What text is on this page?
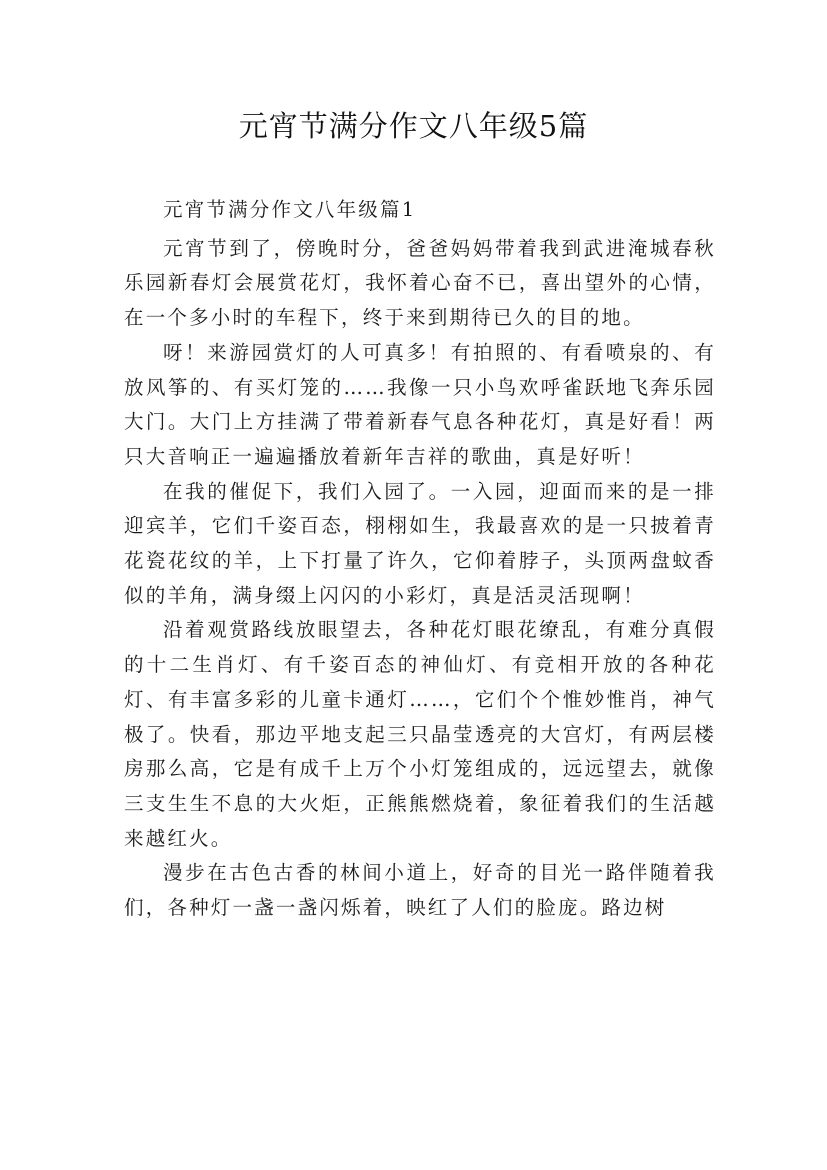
元宵节满分作文八年级5篇

元宵节满分作文八年级篇1

元宵节到了，傍晚时分，爸爸妈妈带着我到武进淹城春秋乐园新春灯会展赏花灯，我怀着心奋不已，喜出望外的心情，在一个多小时的车程下，终于来到期待已久的目的地。

呀！来游园赏灯的人可真多！有拍照的、有看喷泉的、有放风筝的、有买灯笼的……我像一只小鸟欢呼雀跃地飞奔乐园大门。大门上方挂满了带着新春气息各种花灯，真是好看！两只大音响正一遍遍播放着新年吉祥的歌曲，真是好听！

在我的催促下，我们入园了。一入园，迎面而来的是一排迎宾羊，它们千姿百态，栩栩如生，我最喜欢的是一只披着青花瓷花纹的羊，上下打量了许久，它仰着脖子，头顶两盘蚊香似的羊角，满身缀上闪闪的小彩灯，真是活灵活现啊！

沿着观赏路线放眼望去，各种花灯眼花缭乱，有难分真假的十二生肖灯、有千姿百态的神仙灯、有竞相开放的各种花灯、有丰富多彩的儿童卡通灯……，它们个个惟妙惟肖，神气极了。快看，那边平地支起三只晶莹透亮的大宫灯，有两层楼房那么高，它是有成千上万个小灯笼组成的，远远望去，就像三支生生不息的大火炬，正熊熊燃烧着，象征着我们的生活越来越红火。

漫步在古色古香的林间小道上，好奇的目光一路伴随着我们，各种灯一盏一盏闪烁着，映红了人们的脸庞。路边树
